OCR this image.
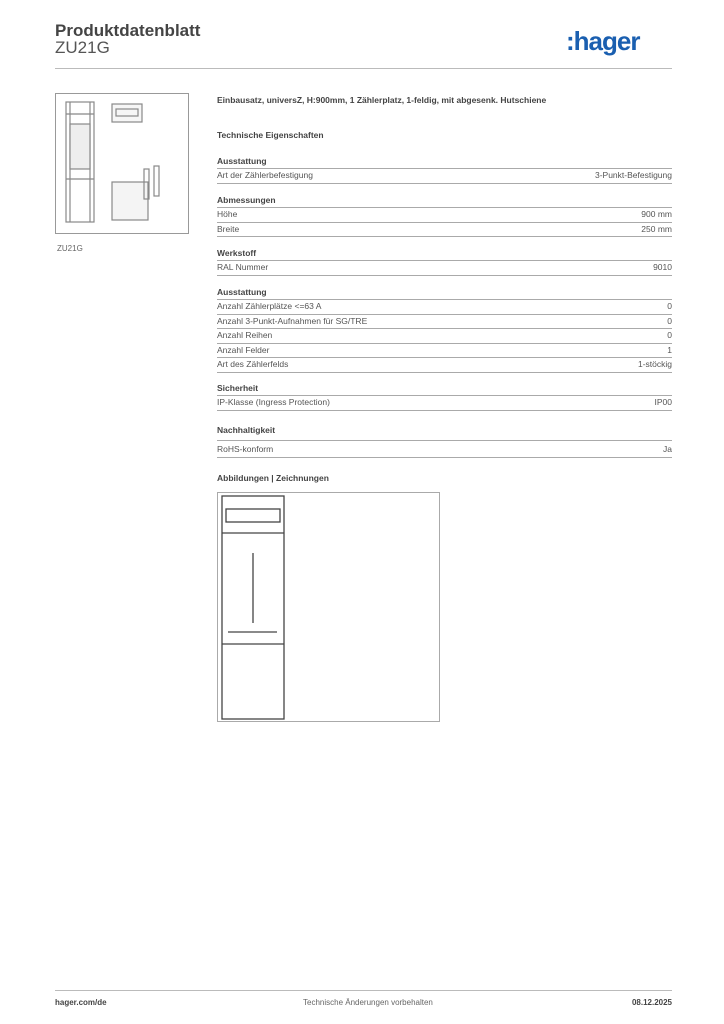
Produktdatenblatt
ZU21G	:hager
ZU21G
Einbausatz, universZ, H:900mm, 1 Zählerplatz, 1-feldig, mit abgesenk. Hutschiene
Technische Eigenschaften
Ausstattung
Art der Zählerbefestigung	3-Punkt-Befestigung
Abmessungen
Höhe	900 mm
Breite	250 mm
Werkstoff
RAL Nummer	9010
Ausstattung
Anzahl Zählerplätze <=63 A	0
Anzahl 3-Punkt-Aufnahmen für SG/TRE	0
Anzahl Reihen	0
Anzahl Felder	1
Art des Zählerfelds	1-stöckig
Sicherheit
IP-Klasse (Ingress Protection)	IP00
Nachhaltigkeit
RoHS-konform	Ja
Abbildungen | Zeichnungen
hager.com/de	Technische Änderungen vorbehalten	08.12.2025
